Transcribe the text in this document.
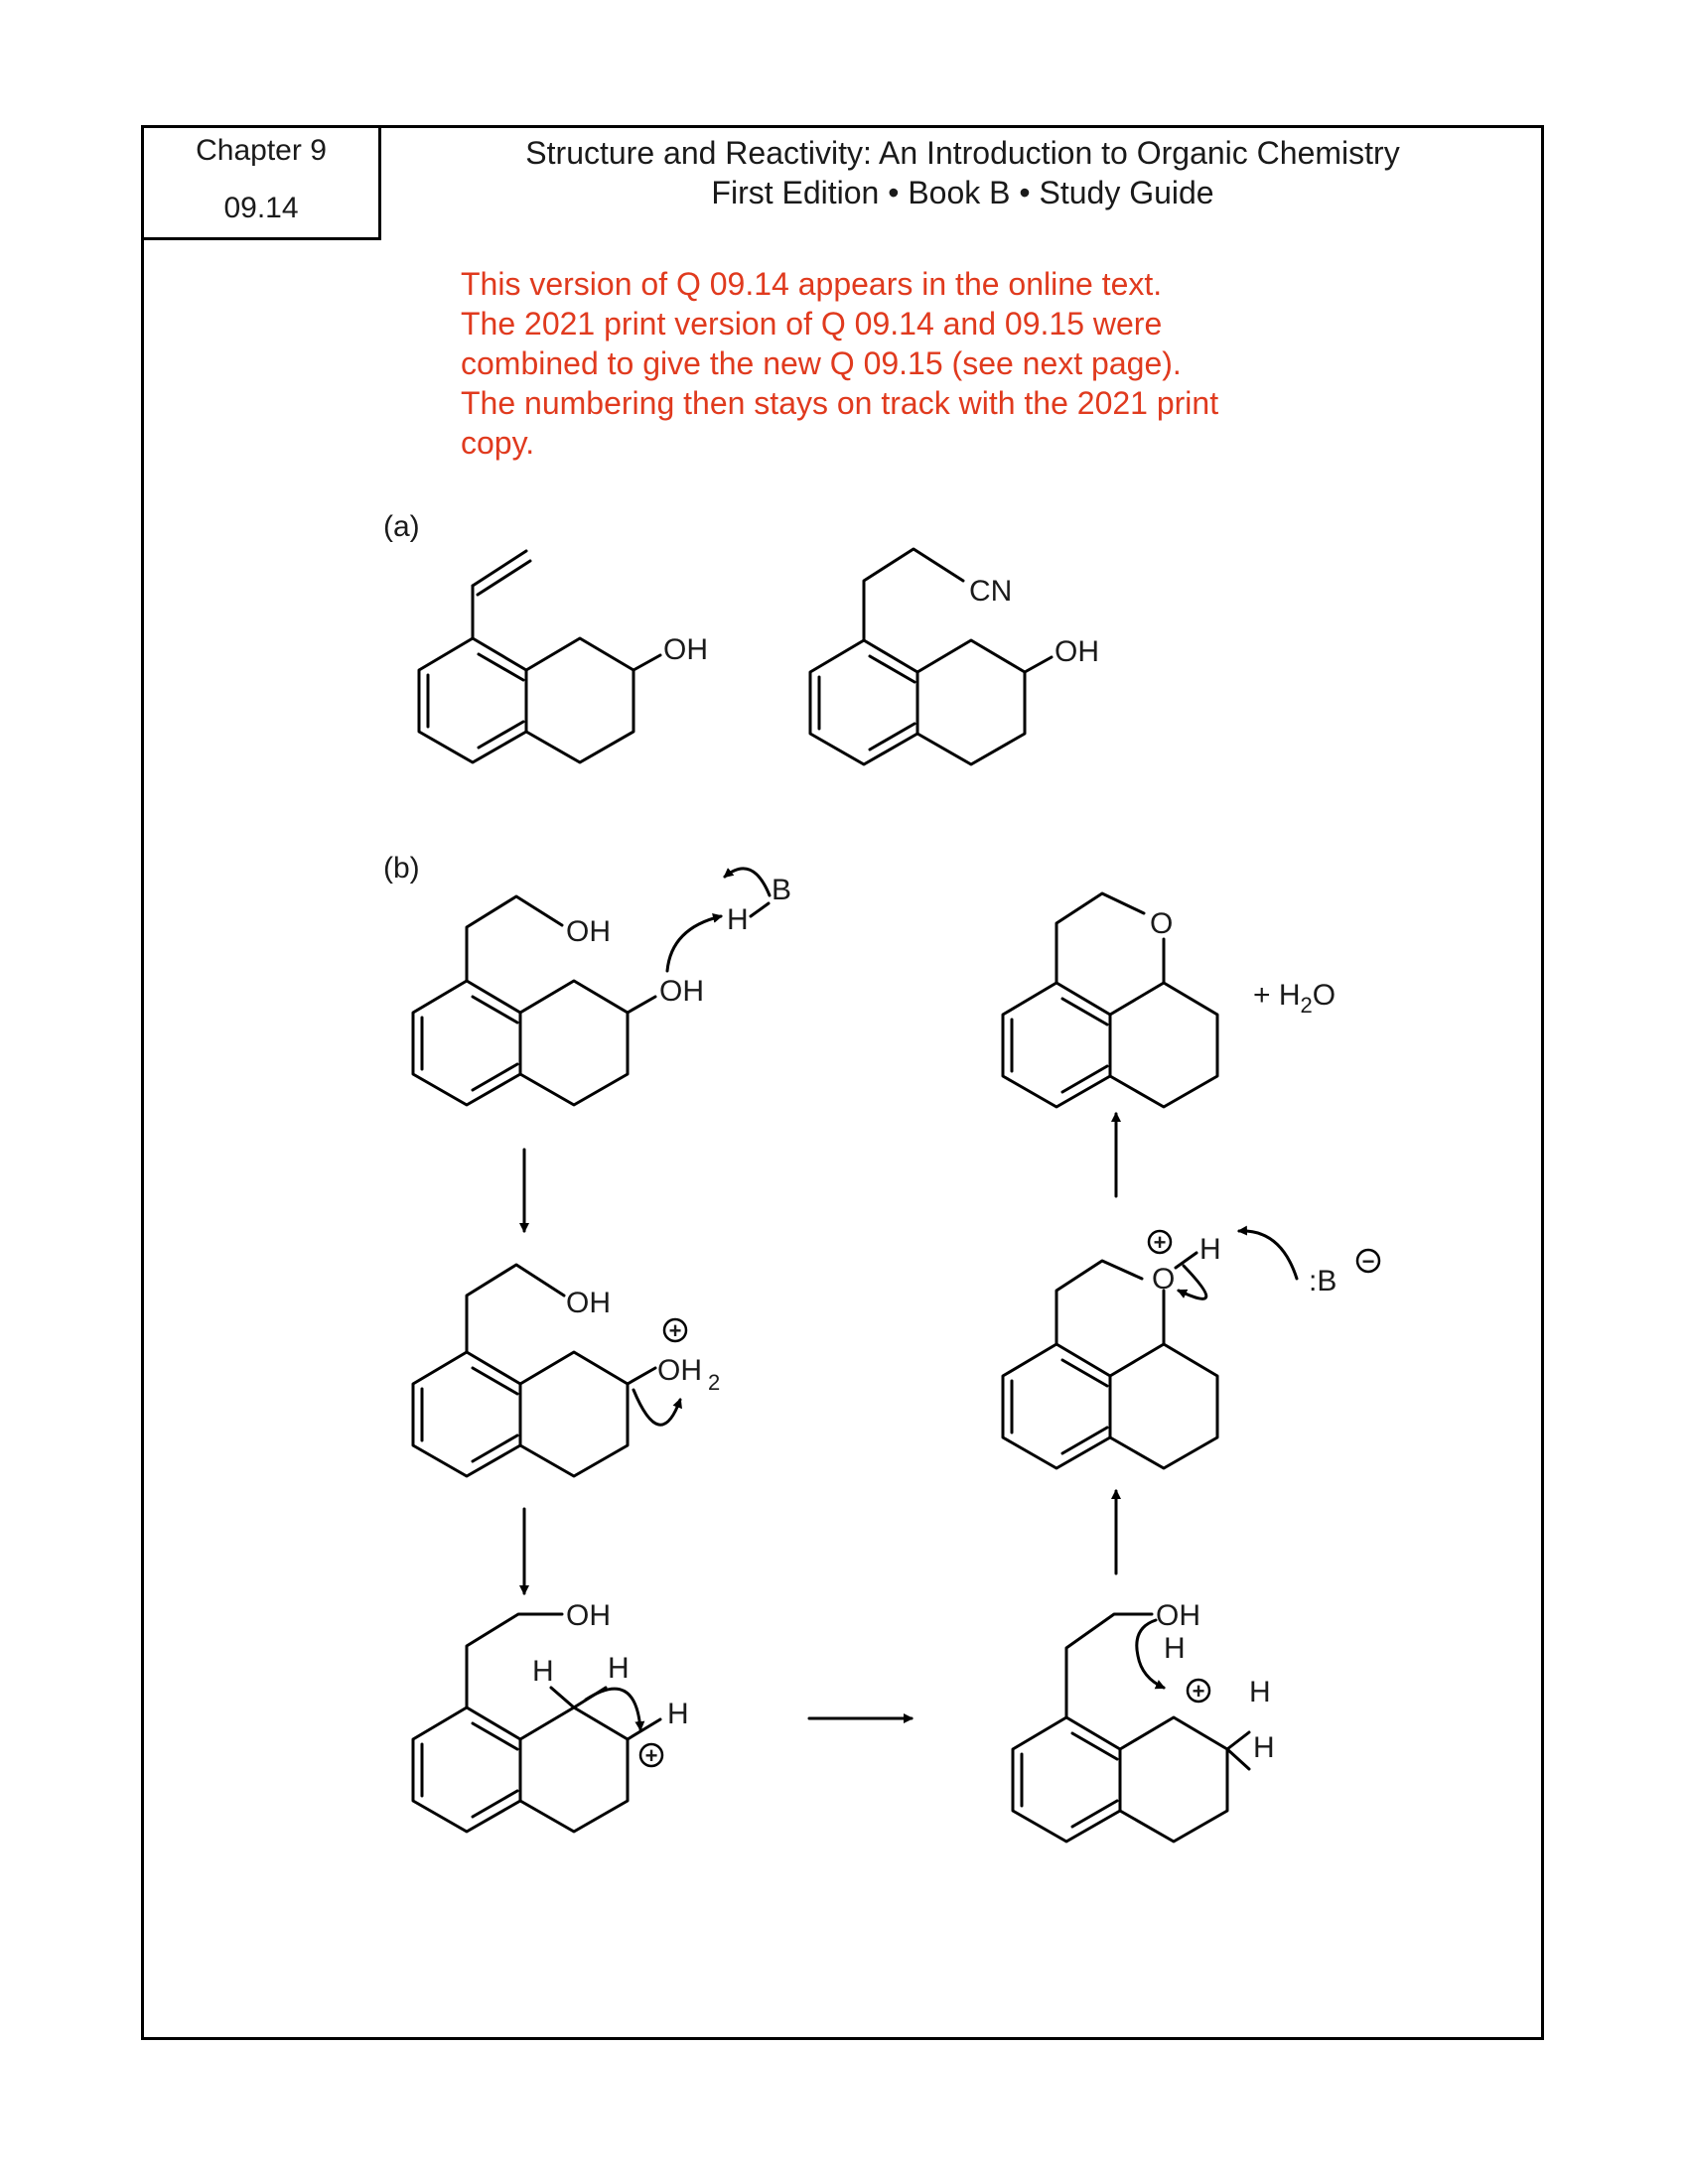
Chapter 9
09.14
Structure and Reactivity: An Introduction to Organic Chemistry
First Edition • Book B • Study Guide
This version of Q 09.14 appears in the online text.
The 2021 print version of Q 09.14 and 09.15 were
combined to give the new Q 09.15 (see next page).
The numbering then stays on track with the 2021 print
copy.
(a)
OH
CN
OH
(b)
OH
OH
H
B
OH
OH 2
OH
H H
H
OH
H
H
H
O
H
:B
O
+ $H_2O$
+
+
+
+
−
